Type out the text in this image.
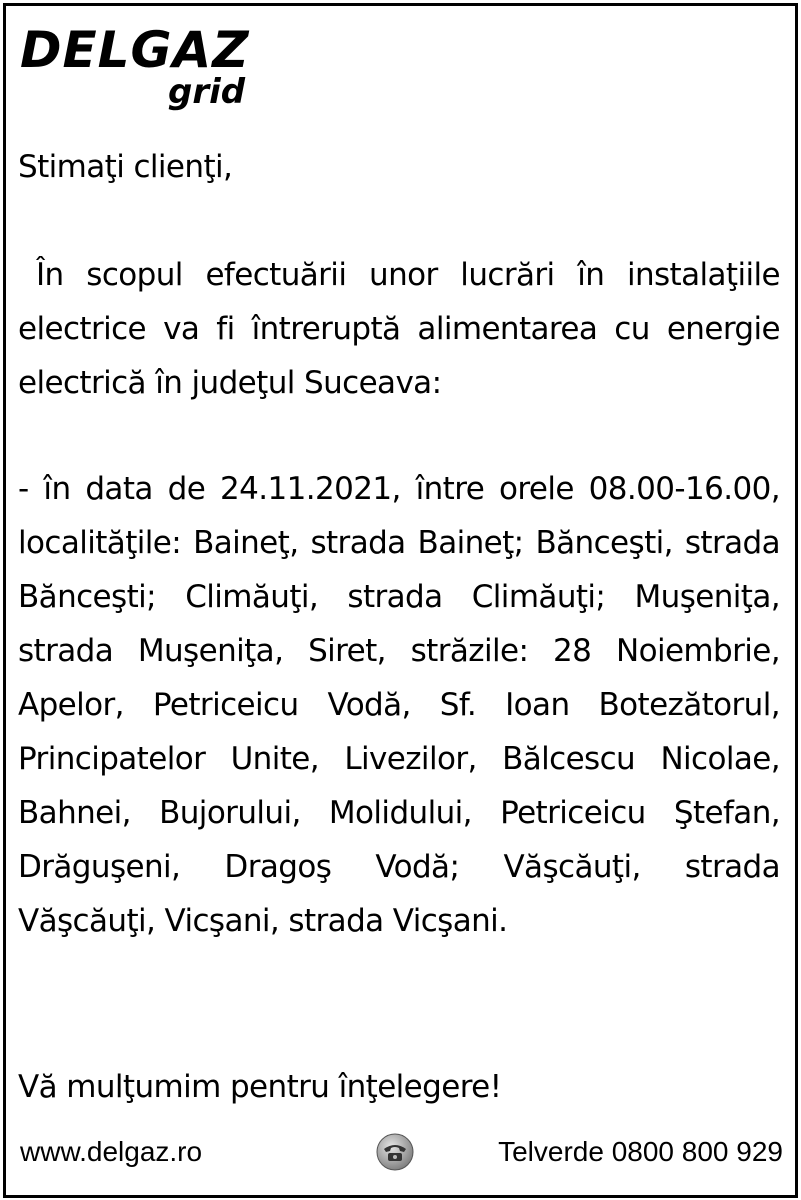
DELGAZ
grid
Stimaţi clienţi,
În scopul efectuării unor lucrări în instalaţiile electrice va fi întreruptă alimentarea cu energie electrică în judeţul Suceava:
- în data de 24.11.2021, între orele 08.00-16.00, localităţile: Baineţ, strada Baineţ; Bănceşti, strada Bănceşti; Climăuţi, strada Climăuţi; Muşeniţa, strada Muşeniţa, Siret, străzile: 28 Noiembrie, Apelor, Petriceicu Vodă, Sf. Ioan Botezătorul, Principatelor Unite, Livezilor, Bălcescu Nicolae, Bahnei, Bujorului, Molidului, Petriceicu Ştefan, Drăguşeni, Dragoş Vodă; Văşcăuţi, strada Văşcăuţi, Vicşani, strada Vicşani.
Vă mulţumim pentru înţelegere!
www.delgaz.ro	Telverde 0800 800 929
